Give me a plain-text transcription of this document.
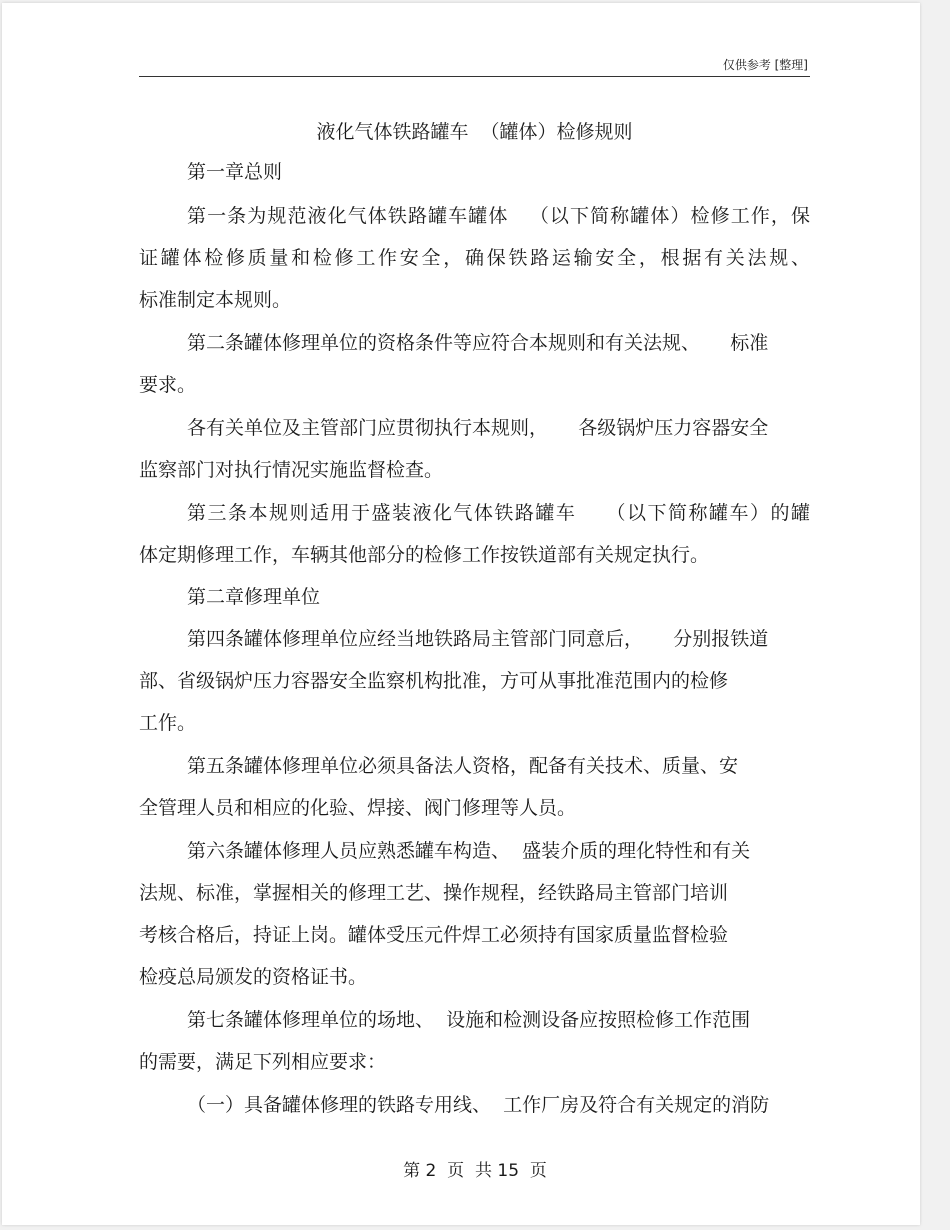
仅供参考 [整理]
液化气体铁路罐车  （罐体）检修规则
第一章总则
第一条为规范液化气体铁路罐车罐体   （以下简称罐体）检修工作，保
证罐体检修质量和检修工作安全，确保铁路运输安全，根据有关法规、
标准制定本规则。
第二条罐体修理单位的资格条件等应符合本规则和有关法规、     标准
要求。
各有关单位及主管部门应贯彻执行本规则，     各级锅炉压力容器安全
监察部门对执行情况实施监督检查。
第三条本规则适用于盛装液化气体铁路罐车    （以下简称罐车）的罐
体定期修理工作，车辆其他部分的检修工作按铁道部有关规定执行。
第二章修理单位
第四条罐体修理单位应经当地铁路局主管部门同意后，     分别报铁道
部、省级锅炉压力容器安全监察机构批准，方可从事批准范围内的检修
工作。
第五条罐体修理单位必须具备法人资格，配备有关技术、质量、安
全管理人员和相应的化验、焊接、阀门修理等人员。
第六条罐体修理人员应熟悉罐车构造、  盛装介质的理化特性和有关
法规、标准，掌握相关的修理工艺、操作规程，经铁路局主管部门培训
考核合格后，持证上岗。罐体受压元件焊工必须持有国家质量监督检验
检疫总局颁发的资格证书。
第七条罐体修理单位的场地、  设施和检测设备应按照检修工作范围
的需要，满足下列相应要求：
（一）具备罐体修理的铁路专用线、  工作厂房及符合有关规定的消防
第 2  页  共 15  页
